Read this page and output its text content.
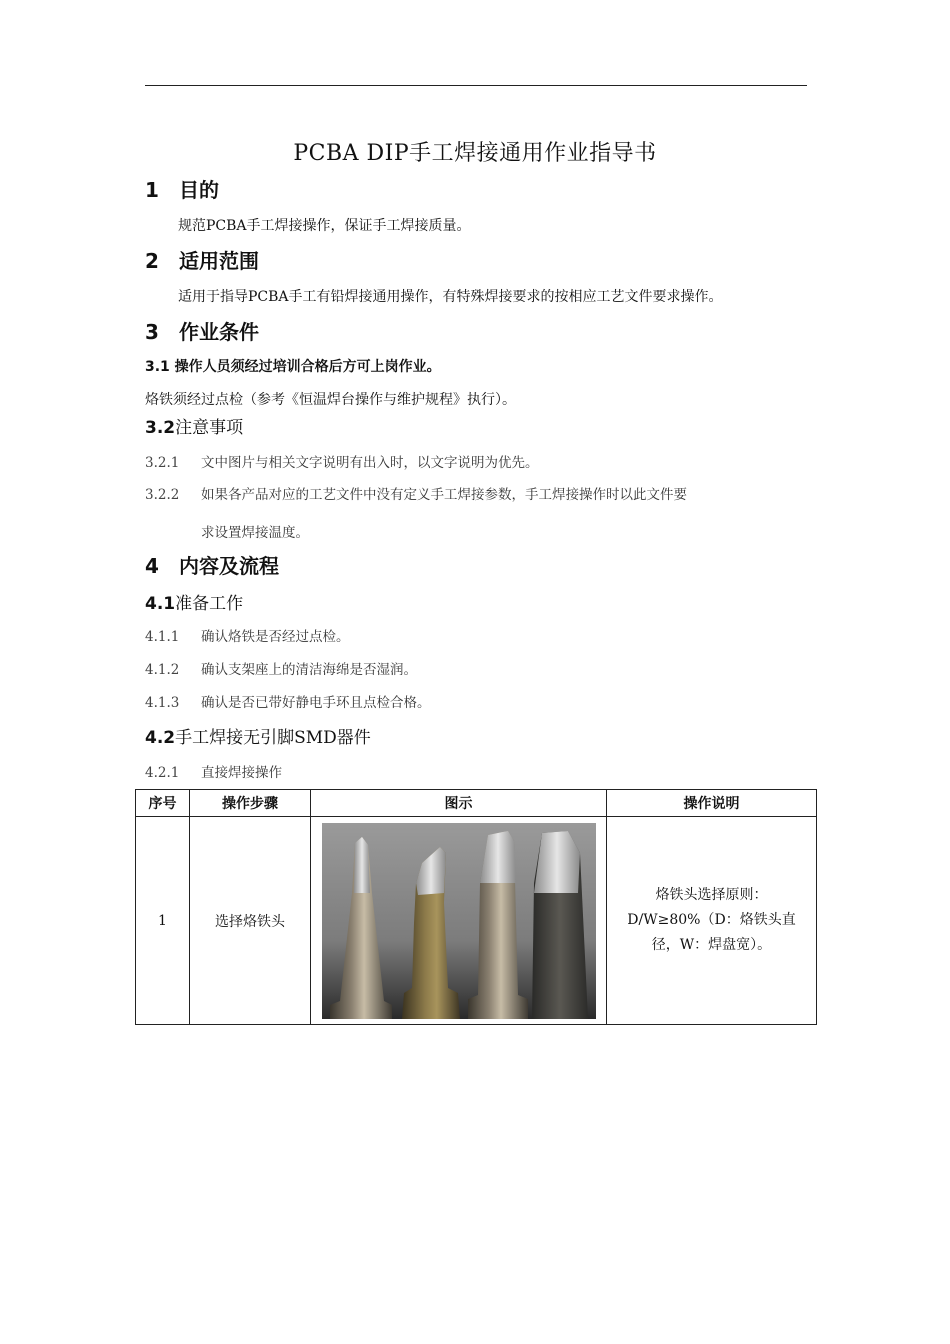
PCBA DIP手工焊接通用作业指导书
1 目的
规范PCBA手工焊接操作，保证手工焊接质量。
2 适用范围
适用于指导PCBA手工有铅焊接通用操作，有特殊焊接要求的按相应工艺文件要求操作。
3 作业条件
3.1 操作人员须经过培训合格后方可上岗作业。
烙铁须经过点检（参考《恒温焊台操作与维护规程》执行）。
3.2注意事项
3.2.1 文中图片与相关文字说明有出入时，以文字说明为优先。
3.2.2 如果各产品对应的工艺文件中没有定义手工焊接参数，手工焊接操作时以此文件要
求设置焊接温度。
4 内容及流程
4.1准备工作
4.1.1 确认烙铁是否经过点检。
4.1.2 确认支架座上的清洁海绵是否湿润。
4.1.3 确认是否已带好静电手环且点检合格。
4.2手工焊接无引脚SMD器件
4.2.1 直接焊接操作
序号	操作步骤	图示	操作说明
1	选择烙铁头		烙铁头选择原则：
D/W≥80%（D：烙铁头直
径，W：焊盘宽）。
